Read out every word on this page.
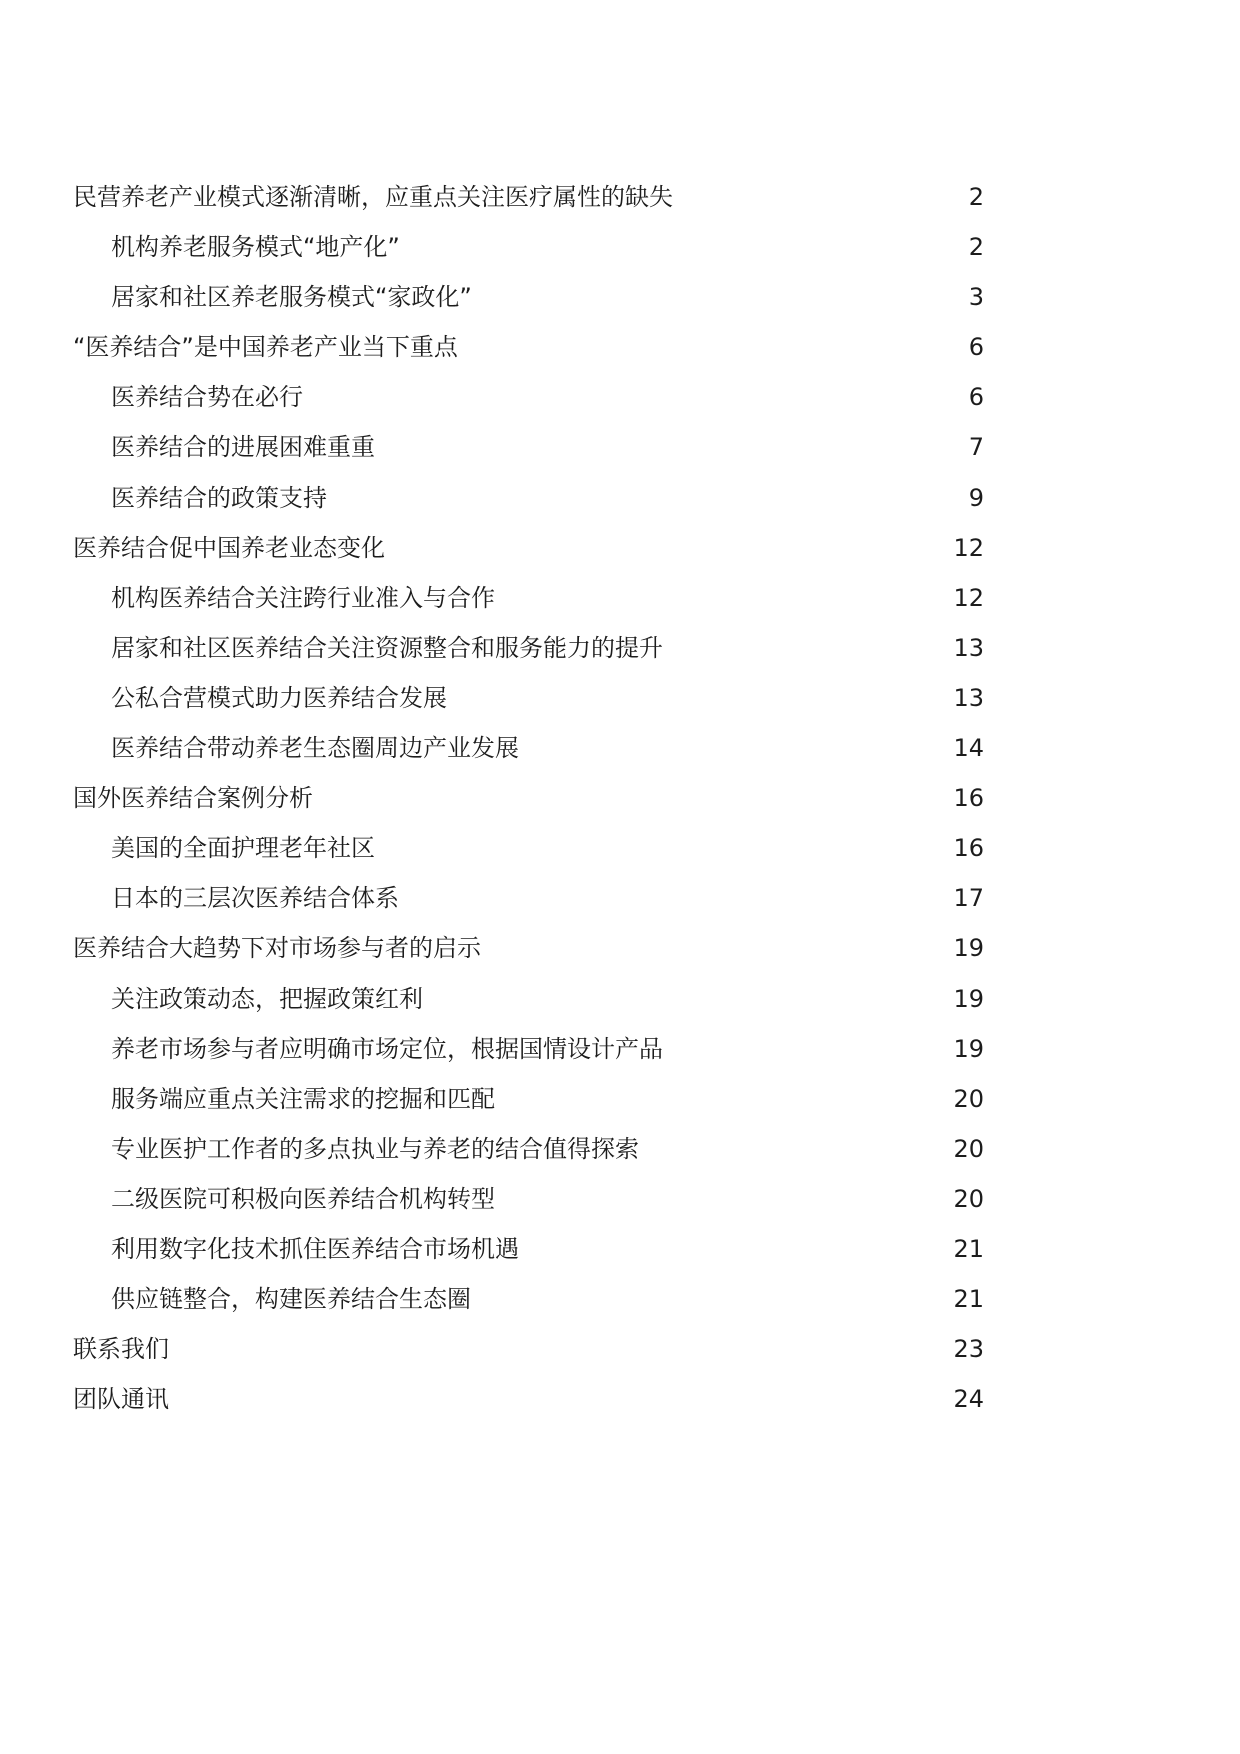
民营养老产业模式逐渐清晰，应重点关注医疗属性的缺失	2
机构养老服务模式“地产化”	2
居家和社区养老服务模式“家政化”	3
“医养结合”是中国养老产业当下重点	6
医养结合势在必行	6
医养结合的进展困难重重	7
医养结合的政策支持	9
医养结合促中国养老业态变化	12
机构医养结合关注跨行业准入与合作	12
居家和社区医养结合关注资源整合和服务能力的提升	13
公私合营模式助力医养结合发展	13
医养结合带动养老生态圈周边产业发展	14
国外医养结合案例分析	16
美国的全面护理老年社区	16
日本的三层次医养结合体系	17
医养结合大趋势下对市场参与者的启示	19
关注政策动态，把握政策红利	19
养老市场参与者应明确市场定位，根据国情设计产品	19
服务端应重点关注需求的挖掘和匹配	20
专业医护工作者的多点执业与养老的结合值得探索	20
二级医院可积极向医养结合机构转型	20
利用数字化技术抓住医养结合市场机遇	21
供应链整合，构建医养结合生态圈	21
联系我们	23
团队通讯	24
